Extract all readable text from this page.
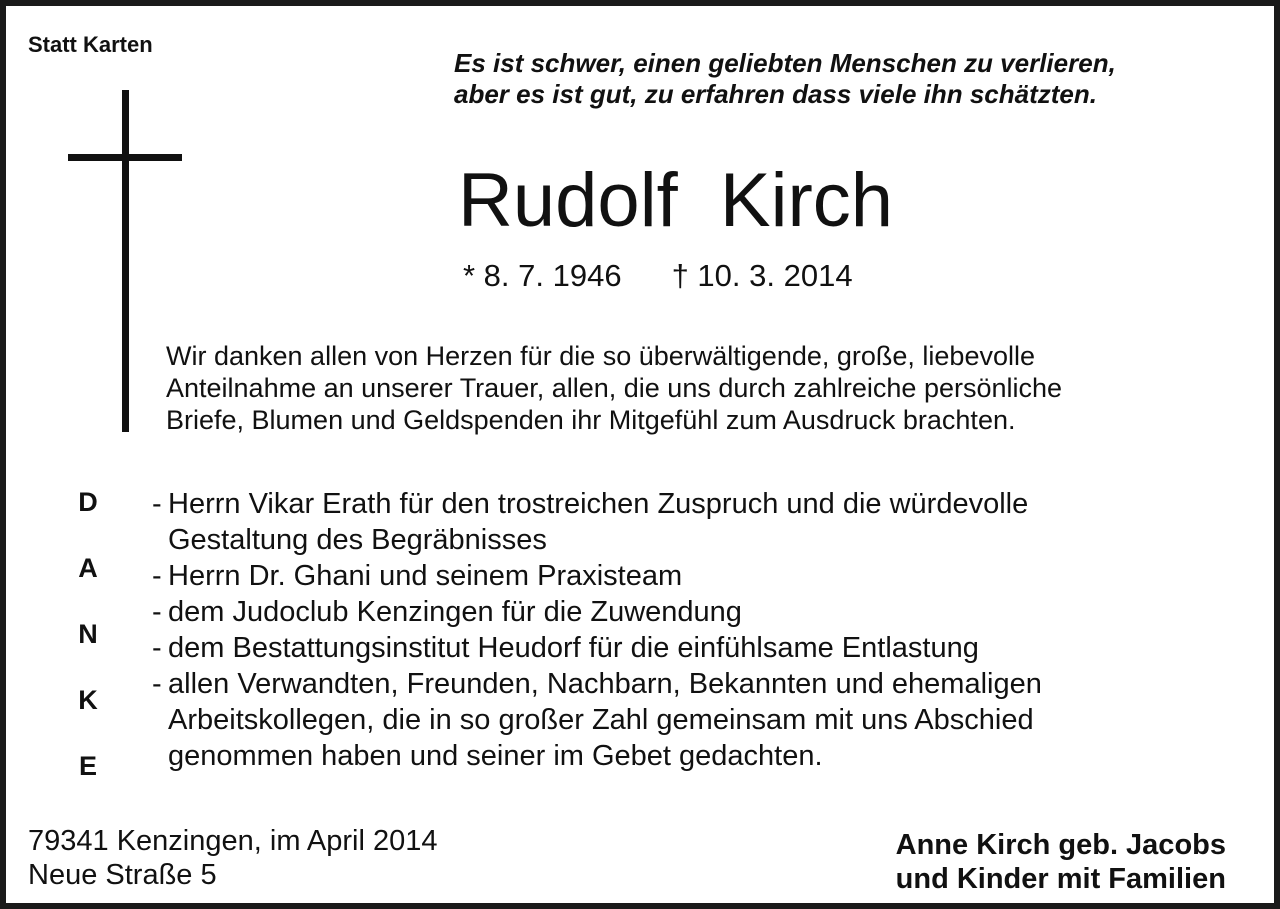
Statt Karten
Es ist schwer, einen geliebten Menschen zu verlieren,
aber es ist gut, zu erfahren dass viele ihn schätzten.
Rudolf  Kirch
* 8. 7. 1946 † 10. 3. 2014
Wir danken allen von Herzen für die so überwältigende, große, liebevolle
Anteilnahme an unserer Trauer, allen, die uns durch zahlreiche persönliche
Briefe, Blumen und Geldspenden ihr Mitgefühl zum Ausdruck brachten.
D
A
N
K
E
- Herrn Vikar Erath für den trostreichen Zuspruch und die würdevolle
Gestaltung des Begräbnisses
- Herrn Dr. Ghani und seinem Praxisteam
- dem Judoclub Kenzingen für die Zuwendung
- dem Bestattungsinstitut Heudorf für die einfühlsame Entlastung
- allen Verwandten, Freunden, Nachbarn, Bekannten und ehemaligen
Arbeitskollegen, die in so großer Zahl gemeinsam mit uns Abschied
genommen haben und seiner im Gebet gedachten.
79341 Kenzingen, im April 2014
Neue Straße 5
Anne Kirch geb. Jacobs
und Kinder mit Familien
